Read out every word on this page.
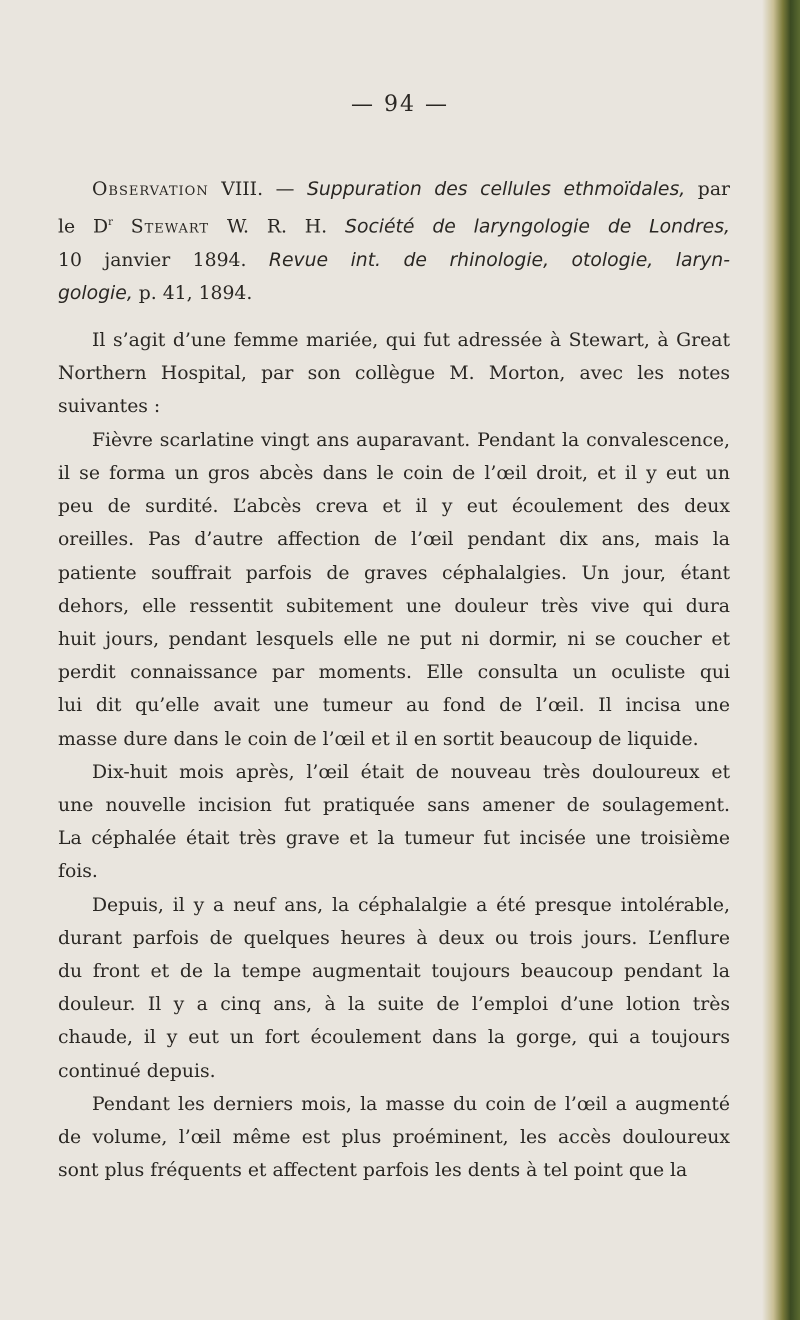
— 94 —
Observation VIII. — Suppuration des cellules ethmoïdales, par
le $D^r$ Stewart W. R. H. Société de laryngologie de Londres,
10 janvier 1894. Revue int. de rhinologie, otologie, laryn-
gologie, p. 41, 1894.
Il s’agit d’une femme mariée, qui fut adressée à Stewart, à Great
Northern Hospital, par son collègue M. Morton, avec les notes
suivantes :
Fièvre scarlatine vingt ans auparavant. Pendant la convalescence,
il se forma un gros abcès dans le coin de l’œil droit, et il y eut un
peu de surdité. L’abcès creva et il y eut écoulement des deux
oreilles. Pas d’autre affection de l’œil pendant dix ans, mais la
patiente souffrait parfois de graves céphalalgies. Un jour, étant
dehors, elle ressentit subitement une douleur très vive qui dura
huit jours, pendant lesquels elle ne put ni dormir, ni se coucher et
perdit connaissance par moments. Elle consulta un oculiste qui
lui dit qu’elle avait une tumeur au fond de l’œil. Il incisa une
masse dure dans le coin de l’œil et il en sortit beaucoup de liquide.
Dix-huit mois après, l’œil était de nouveau très douloureux et
une nouvelle incision fut pratiquée sans amener de soulagement.
La céphalée était très grave et la tumeur fut incisée une troisième
fois.
Depuis, il y a neuf ans, la céphalalgie a été presque intolérable,
durant parfois de quelques heures à deux ou trois jours. L’enflure
du front et de la tempe augmentait toujours beaucoup pendant la
douleur. Il y a cinq ans, à la suite de l’emploi d’une lotion très
chaude, il y eut un fort écoulement dans la gorge, qui a toujours
continué depuis.
Pendant les derniers mois, la masse du coin de l’œil a augmenté
de volume, l’œil même est plus proéminent, les accès douloureux
sont plus fréquents et affectent parfois les dents à tel point que la
